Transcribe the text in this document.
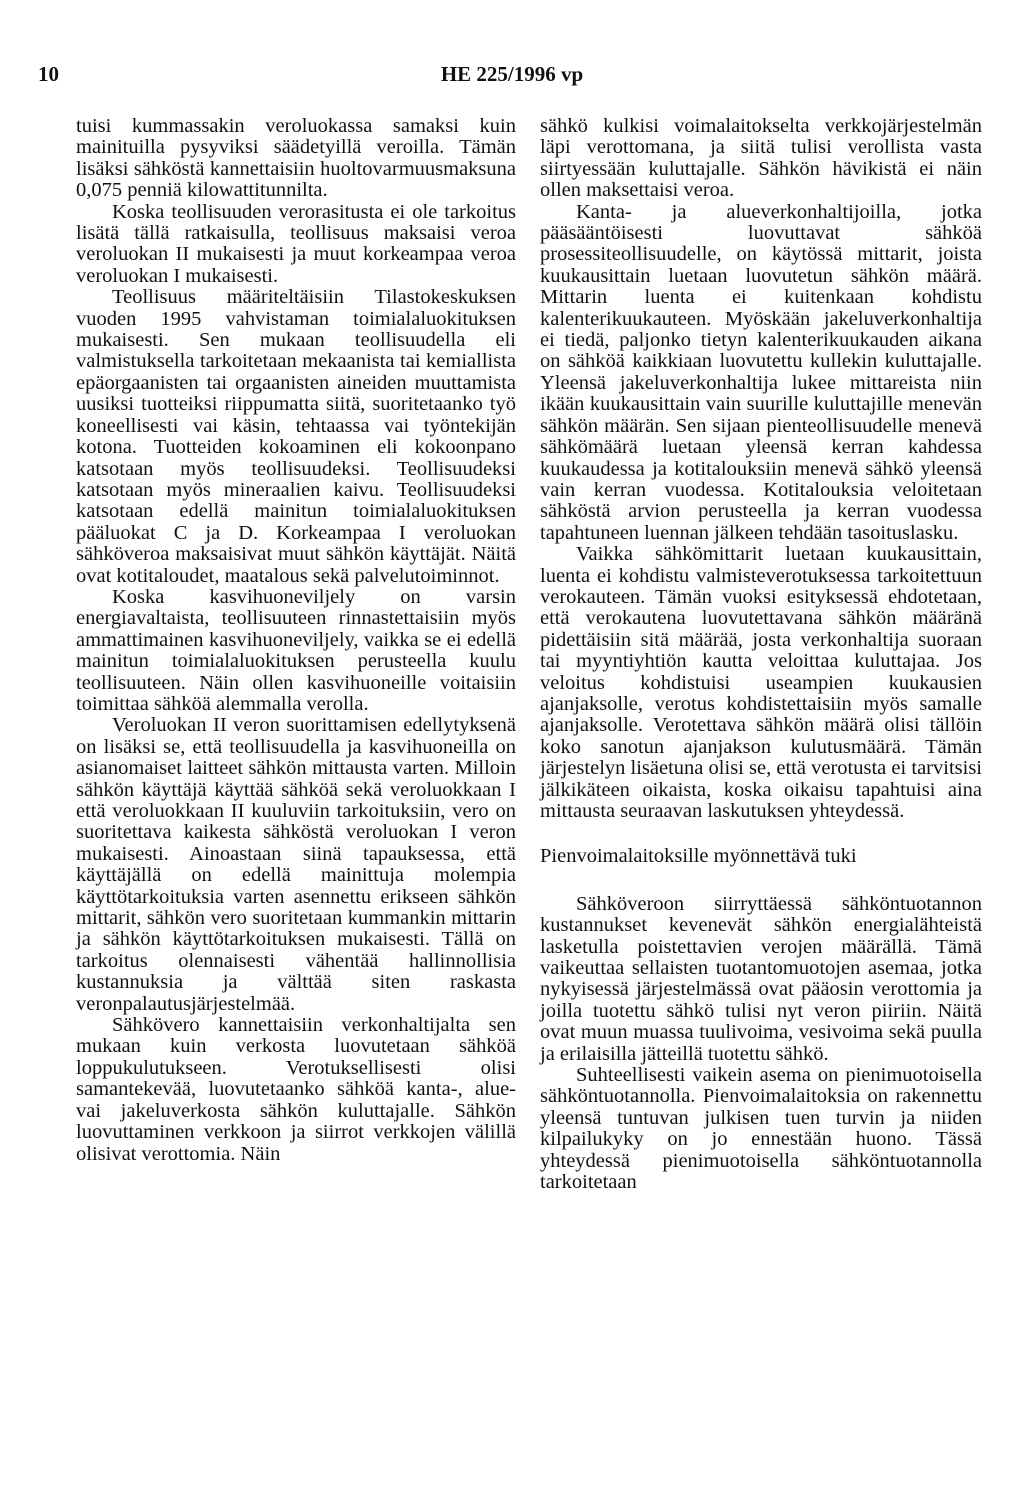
10	HE 225/1996 vp

tuisi kummassakin veroluokassa samaksi kuin mainituilla pysyviksi säädetyillä veroilla. Tämän lisäksi sähköstä kannettaisiin huoltovarmuusmaksuna 0,075 penniä kilowattitunnilta.

Koska teollisuuden verorasitusta ei ole tarkoitus lisätä tällä ratkaisulla, teollisuus maksaisi veroa veroluokan II mukaisesti ja muut korkeampaa veroa veroluokan I mukaisesti.

Teollisuus määriteltäisiin Tilastokeskuksen vuoden 1995 vahvistaman toimialaluokituksen mukaisesti. Sen mukaan teollisuudella eli valmistuksella tarkoitetaan mekaanista tai kemiallista epäorgaanisten tai orgaanisten aineiden muuttamista uusiksi tuotteiksi riippumatta siitä, suoritetaanko työ koneellisesti vai käsin, tehtaassa vai työntekijän kotona. Tuotteiden kokoaminen eli kokoonpano katsotaan myös teollisuudeksi. Teollisuudeksi katsotaan myös mineraalien kaivu. Teollisuudeksi katsotaan edellä mainitun toimialaluokituksen pääluokat C ja D. Korkeampaa I veroluokan sähköveroa maksaisivat muut sähkön käyttäjät. Näitä ovat kotitaloudet, maatalous sekä palvelutoiminnot.

Koska kasvihuoneviljely on varsin energiavaltaista, teollisuuteen rinnastettaisiin myös ammattimainen kasvihuoneviljely, vaikka se ei edellä mainitun toimialaluokituksen perusteella kuulu teollisuuteen. Näin ollen kasvihuoneille voitaisiin toimittaa sähköä alemmalla verolla.

Veroluokan II veron suorittamisen edellytyksenä on lisäksi se, että teollisuudella ja kasvihuoneilla on asianomaiset laitteet sähkön mittausta varten. Milloin sähkön käyttäjä käyttää sähköä sekä veroluokkaan I että veroluokkaan II kuuluviin tarkoituksiin, vero on suoritettava kaikesta sähköstä veroluokan I veron mukaisesti. Ainoastaan siinä tapauksessa, että käyttäjällä on edellä mainittuja molempia käyttötarkoituksia varten asennettu erikseen sähkön mittarit, sähkön vero suoritetaan kummankin mittarin ja sähkön käyttötarkoituksen mukaisesti. Tällä on tarkoitus olennaisesti vähentää hallinnollisia kustannuksia ja välttää siten raskasta veronpalautusjärjestelmää.

Sähkövero kannettaisiin verkonhaltijalta sen mukaan kuin verkosta luovutetaan sähköä loppukulutukseen. Verotuksellisesti olisi samantekevää, luovutetaanko sähköä kanta-, alue- vai jakeluverkosta sähkön kuluttajalle. Sähkön luovuttaminen verkkoon ja siirrot verkkojen välillä olisivat verottomia. Näin

sähkö kulkisi voimalaitokselta verkkojärjestelmän läpi verottomana, ja siitä tulisi verollista vasta siirtyessään kuluttajalle. Sähkön hävikistä ei näin ollen maksettaisi veroa.

Kanta- ja alueverkonhaltijoilla, jotka pääsääntöisesti luovuttavat sähköä prosessiteollisuudelle, on käytössä mittarit, joista kuukausittain luetaan luovutetun sähkön määrä. Mittarin luenta ei kuitenkaan kohdistu kalenterikuukauteen. Myöskään jakeluverkonhaltija ei tiedä, paljonko tietyn kalenterikuukauden aikana on sähköä kaikkiaan luovutettu kullekin kuluttajalle. Yleensä jakeluverkonhaltija lukee mittareista niin ikään kuukausittain vain suurille kuluttajille menevän sähkön määrän. Sen sijaan pienteollisuudelle menevä sähkömäärä luetaan yleensä kerran kahdessa kuukaudessa ja kotitalouksiin menevä sähkö yleensä vain kerran vuodessa. Kotitalouksia veloitetaan sähköstä arvion perusteella ja kerran vuodessa tapahtuneen luennan jälkeen tehdään tasoituslasku.

Vaikka sähkömittarit luetaan kuukausittain, luenta ei kohdistu valmisteverotuksessa tarkoitettuun verokauteen. Tämän vuoksi esityksessä ehdotetaan, että verokautena luovutettavana sähkön määränä pidettäisiin sitä määrää, josta verkonhaltija suoraan tai myyntiyhtiön kautta veloittaa kuluttajaa. Jos veloitus kohdistuisi useampien kuukausien ajanjaksolle, verotus kohdistettaisiin myös samalle ajanjaksolle. Verotettava sähkön määrä olisi tällöin koko sanotun ajanjakson kulutusmäärä. Tämän järjestelyn lisäetuna olisi se, että verotusta ei tarvitsisi jälkikäteen oikaista, koska oikaisu tapahtuisi aina mittausta seuraavan laskutuksen yhteydessä.

Pienvoimalaitoksille myönnettävä tuki

Sähköveroon siirryttäessä sähköntuotannon kustannukset kevenevät sähkön energialähteistä lasketulla poistettavien verojen määrällä. Tämä vaikeuttaa sellaisten tuotantomuotojen asemaa, jotka nykyisessä järjestelmässä ovat pääosin verottomia ja joilla tuotettu sähkö tulisi nyt veron piiriin. Näitä ovat muun muassa tuulivoima, vesivoima sekä puulla ja erilaisilla jätteillä tuotettu sähkö.

Suhteellisesti vaikein asema on pienimuotoisella sähköntuotannolla. Pienvoimalaitoksia on rakennettu yleensä tuntuvan julkisen tuen turvin ja niiden kilpailukyky on jo ennestään huono. Tässä yhteydessä pienimuotoisella sähköntuotannolla tarkoitetaan
